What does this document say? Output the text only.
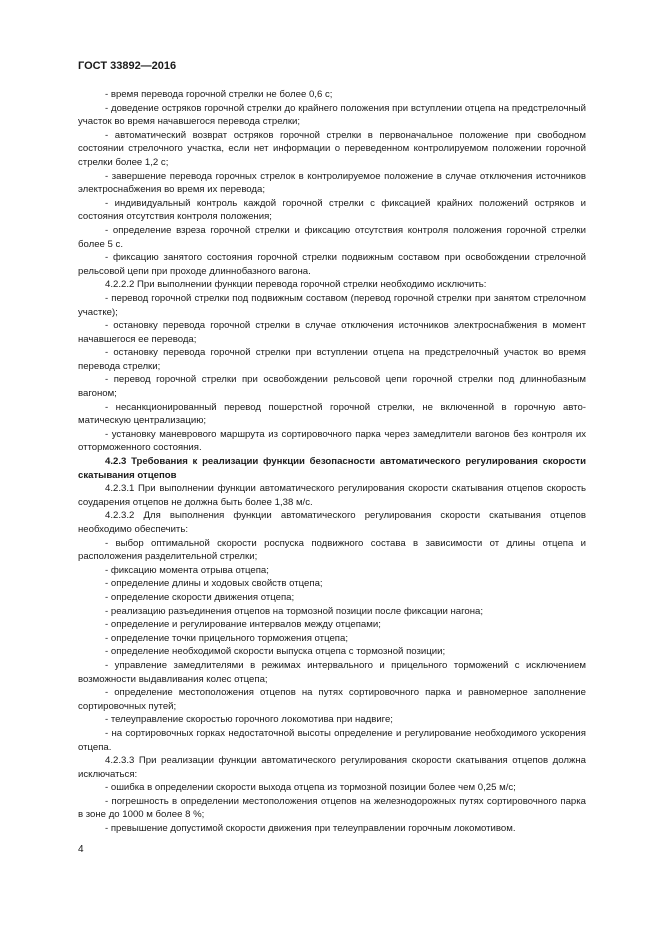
ГОСТ 33892—2016

- время перевода горочной стрелки не более 0,6 с;

- доведение остряков горочной стрелки до крайнего положения при вступлении отцепа на предстрелочный участок во время начавшегося перевода стрелки;

- автоматический возврат остряков горочной стрелки в первоначальное положение при свободном состоянии стрелочного участка, если нет информации о переведенном контролируемом положении горочной стрелки более 1,2 с;

- завершение перевода горочных стрелок в контролируемое положение в случае отключения источников электроснабжения во время их перевода;

- индивидуальный контроль каждой горочной стрелки с фиксацией крайних положений остряков и состояния отсутствия контроля положения;

- определение взреза горочной стрелки и фиксацию отсутствия контроля положения горочной стрелки более 5 с.

- фиксацию занятого состояния горочной стрелки подвижным составом при освобождении стрелочной рельсовой цепи при проходе длиннобазного вагона.

4.2.2.2 При выполнении функции перевода горочной стрелки необходимо исключить:

- перевод горочной стрелки под подвижным составом (перевод горочной стрелки при занятом стрелочном участке);

- остановку перевода горочной стрелки в случае отключения источников электроснабжения в момент начавшегося ее перевода;

- остановку перевода горочной стрелки при вступлении отцепа на предстрелочный участок во время перевода стрелки;

- перевод горочной стрелки при освобождении рельсовой цепи горочной стрелки под длиннобазным вагоном;

- несанкционированный перевод пошерстной горочной стрелки, не включенной в горочную автоматическую централизацию;

- установку маневрового маршрута из сортировочного парка через замедлители вагонов без контроля их отторможенного состояния.

4.2.3 Требования к реализации функции безопасности автоматического регулирования скорости скатывания отцепов

4.2.3.1 При выполнении функции автоматического регулирования скорости скатывания отцепов скорость соударения отцепов не должна быть более 1,38 м/с.

4.2.3.2 Для выполнения функции автоматического регулирования скорости скатывания отцепов необходимо обеспечить:

- выбор оптимальной скорости роспуска подвижного состава в зависимости от длины отцепа и расположения разделительной стрелки;

- фиксацию момента отрыва отцепа;

- определение длины и ходовых свойств отцепа;

- определение скорости движения отцепа;

- реализацию разъединения отцепов на тормозной позиции после фиксации нагона;

- определение и регулирование интервалов между отцепами;

- определение точки прицельного торможения отцепа;

- определение необходимой скорости выпуска отцепа с тормозной позиции;

- управление замедлителями в режимах интервального и прицельного торможений с исключением возможности выдавливания колес отцепа;

- определение местоположения отцепов на путях сортировочного парка и равномерное заполнение сортировочных путей;

- телеуправление скоростью горочного локомотива при надвиге;

- на сортировочных горках недостаточной высоты определение и регулирование необходимого ускорения отцепа.

4.2.3.3 При реализации функции автоматического регулирования скорости скатывания отцепов должна исключаться:

- ошибка в определении скорости выхода отцепа из тормозной позиции более чем 0,25 м/с;

- погрешность в определении местоположения отцепов на железнодорожных путях сортировочного парка в зоне до 1000 м более 8 %;

- превышение допустимой скорости движения при телеуправлении горочным локомотивом.

4
